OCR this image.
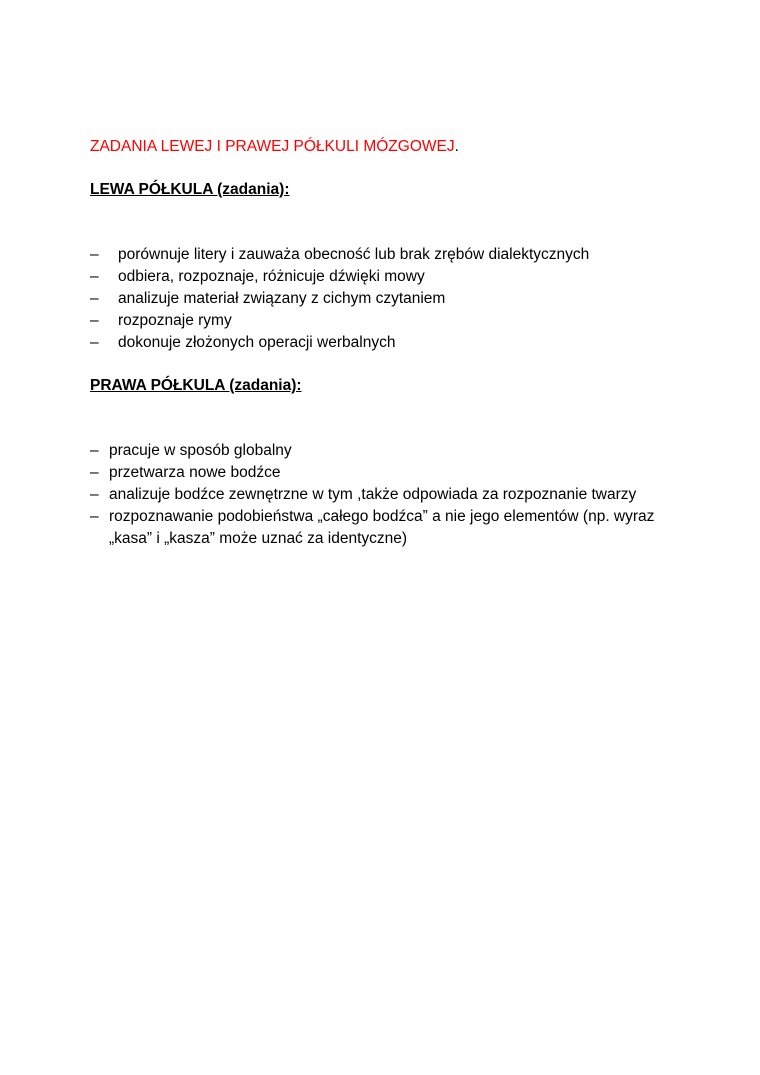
ZADANIA LEWEJ I PRAWEJ PÓŁKULI MÓZGOWEJ.
LEWA PÓŁKULA (zadania):
– porównuje litery i zauważa obecność lub brak zrębów dialektycznych
– odbiera, rozpoznaje, różnicuje dźwięki mowy
– analizuje materiał związany z cichym czytaniem
– rozpoznaje rymy
– dokonuje złożonych operacji werbalnych
PRAWA PÓŁKULA (zadania):
– pracuje w sposób globalny
– przetwarza nowe bodźce
– analizuje bodźce zewnętrzne w tym ,także odpowiada za rozpoznanie twarzy
– rozpoznawanie podobieństwa „całego bodźca” a nie jego elementów (np. wyraz „kasa” i „kasza” może uznać za identyczne)
